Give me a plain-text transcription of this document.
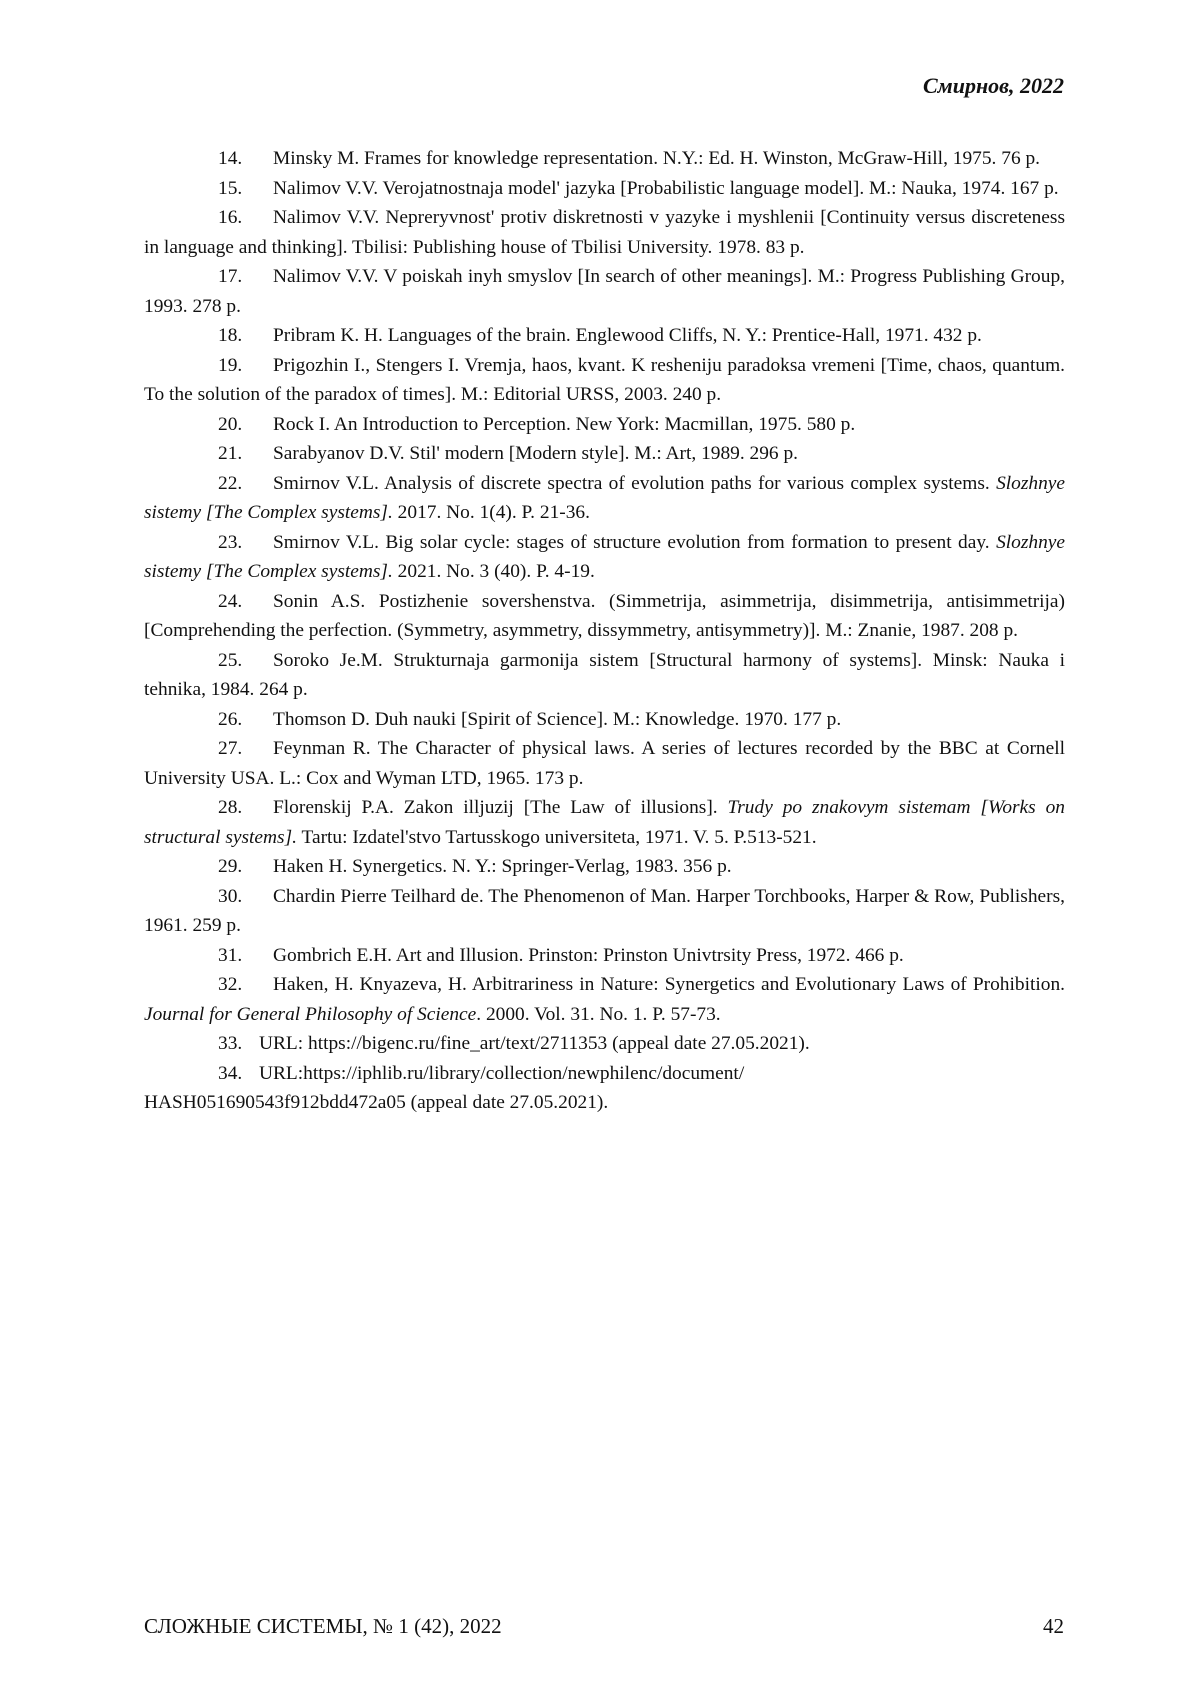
Смирнов, 2022

14. Minsky M. Frames for knowledge representation. N.Y.: Ed. H. Winston, McGraw-Hill, 1975. 76 p.

15. Nalimov V.V. Verojatnostnaja model' jazyka [Probabilistic language model]. M.: Nauka, 1974. 167 p.

16. Nalimov V.V. Nepreryvnost' protiv diskretnosti v yazyke i myshlenii [Continuity versus discreteness in language and thinking]. Tbilisi: Publishing house of Tbilisi University. 1978. 83 p.

17. Nalimov V.V. V poiskah inyh smyslov [In search of other meanings]. M.: Progress Publishing Group, 1993. 278 p.

18. Pribram K. H. Languages of the brain. Englewood Cliffs, N. Y.: Prentice-Hall, 1971. 432 p.

19. Prigozhin I., Stengers I. Vremja, haos, kvant. K resheniju paradoksa vremeni [Time, chaos, quantum. To the solution of the paradox of times]. M.: Editorial URSS, 2003. 240 p.

20. Rock I. An Introduction to Perception. New York: Macmillan, 1975. 580 p.

21. Sarabyanov D.V. Stil' modern [Modern style]. M.: Art, 1989. 296 p.

22. Smirnov V.L. Analysis of discrete spectra of evolution paths for various complex systems. Slozhnye sistemy [The Complex systems]. 2017. No. 1(4). P. 21-36.

23. Smirnov V.L. Big solar cycle: stages of structure evolution from formation to present day. Slozhnye sistemy [The Complex systems]. 2021. No. 3 (40). P. 4-19.

24. Sonin A.S. Postizhenie sovershenstva. (Simmetrija, asimmetrija, disimmetrija, antisimmetrija) [Comprehending the perfection. (Symmetry, asymmetry, dissymmetry, antisymmetry)]. M.: Znanie, 1987. 208 p.

25. Soroko Je.M. Strukturnaja garmonija sistem [Structural harmony of systems]. Minsk: Nauka i tehnika, 1984. 264 p.

26. Thomson D. Duh nauki [Spirit of Science]. M.: Knowledge. 1970. 177 p.

27. Feynman R. The Character of physical laws. A series of lectures recorded by the BBC at Cornell University USA. L.: Cox and Wyman LTD, 1965. 173 p.

28. Florenskij P.A. Zakon illjuzij [The Law of illusions]. Trudy po znakovym sistemam [Works on structural systems]. Tartu: Izdatel'stvo Tartusskogo universiteta, 1971. V. 5. P.513-521.

29. Haken H. Synergetics. N. Y.: Springer-Verlag, 1983. 356 p.

30. Chardin Pierre Teilhard de. The Phenomenon of Man. Harper Torchbooks, Harper & Row, Publishers, 1961. 259 p.

31. Gombrich E.H. Art and Illusion. Prinston: Prinston Univtrsity Press, 1972. 466 p.

32. Haken, H. Knyazeva, H. Arbitrariness in Nature: Synergetics and Evolutionary Laws of Prohibition. Journal for General Philosophy of Science. 2000. Vol. 31. No. 1. P. 57-73.

33. URL: https://bigenc.ru/fine_art/text/2711353 (appeal date 27.05.2021).

34. URL:https://iphlib.ru/library/collection/newphilenc/document/
HASH051690543f912bdd472a05 (appeal date 27.05.2021).

СЛОЖНЫЕ СИСТЕМЫ, № 1 (42), 2022	42
